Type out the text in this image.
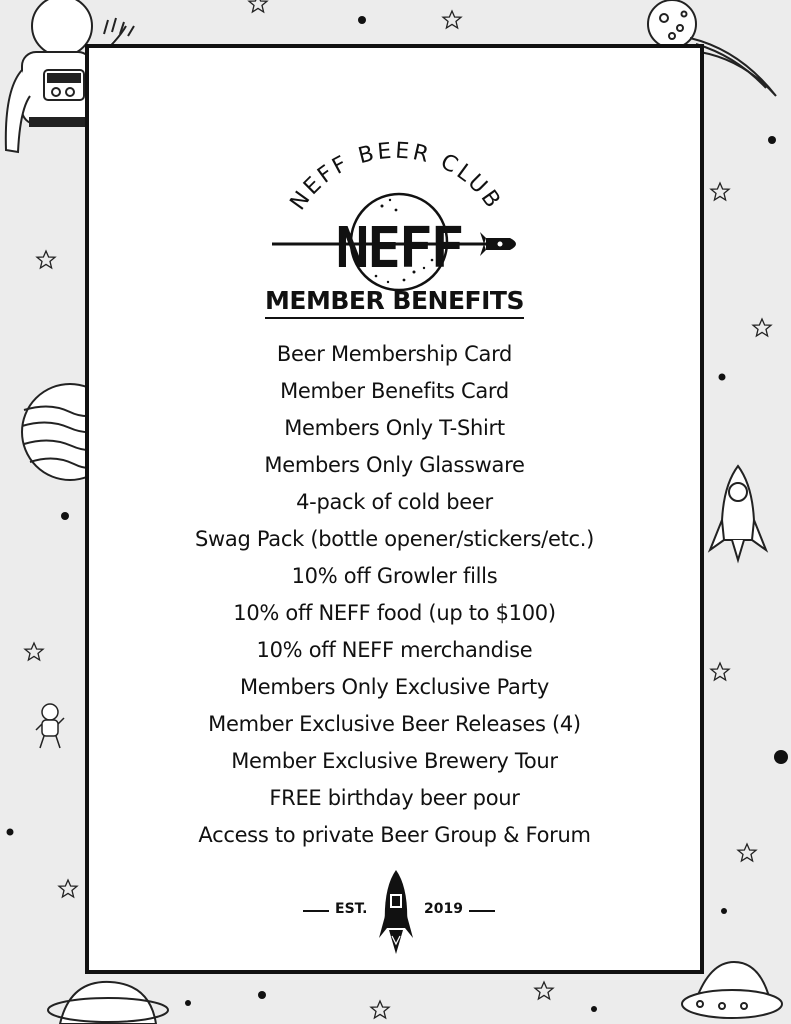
NEFF BEER CLUB
NEFF
MEMBER BENEFITS
Beer Membership Card
Member Benefits Card
Members Only T-Shirt
Members Only Glassware
4-pack of cold beer
Swag Pack (bottle opener/stickers/etc.)
10% off Growler fills
10% off NEFF food (up to $100)
10% off NEFF merchandise
Members Only Exclusive Party
Member Exclusive Beer Releases (4)
Member Exclusive Brewery Tour
FREE birthday beer pour
Access to private Beer Group & Forum
EST.	2019
